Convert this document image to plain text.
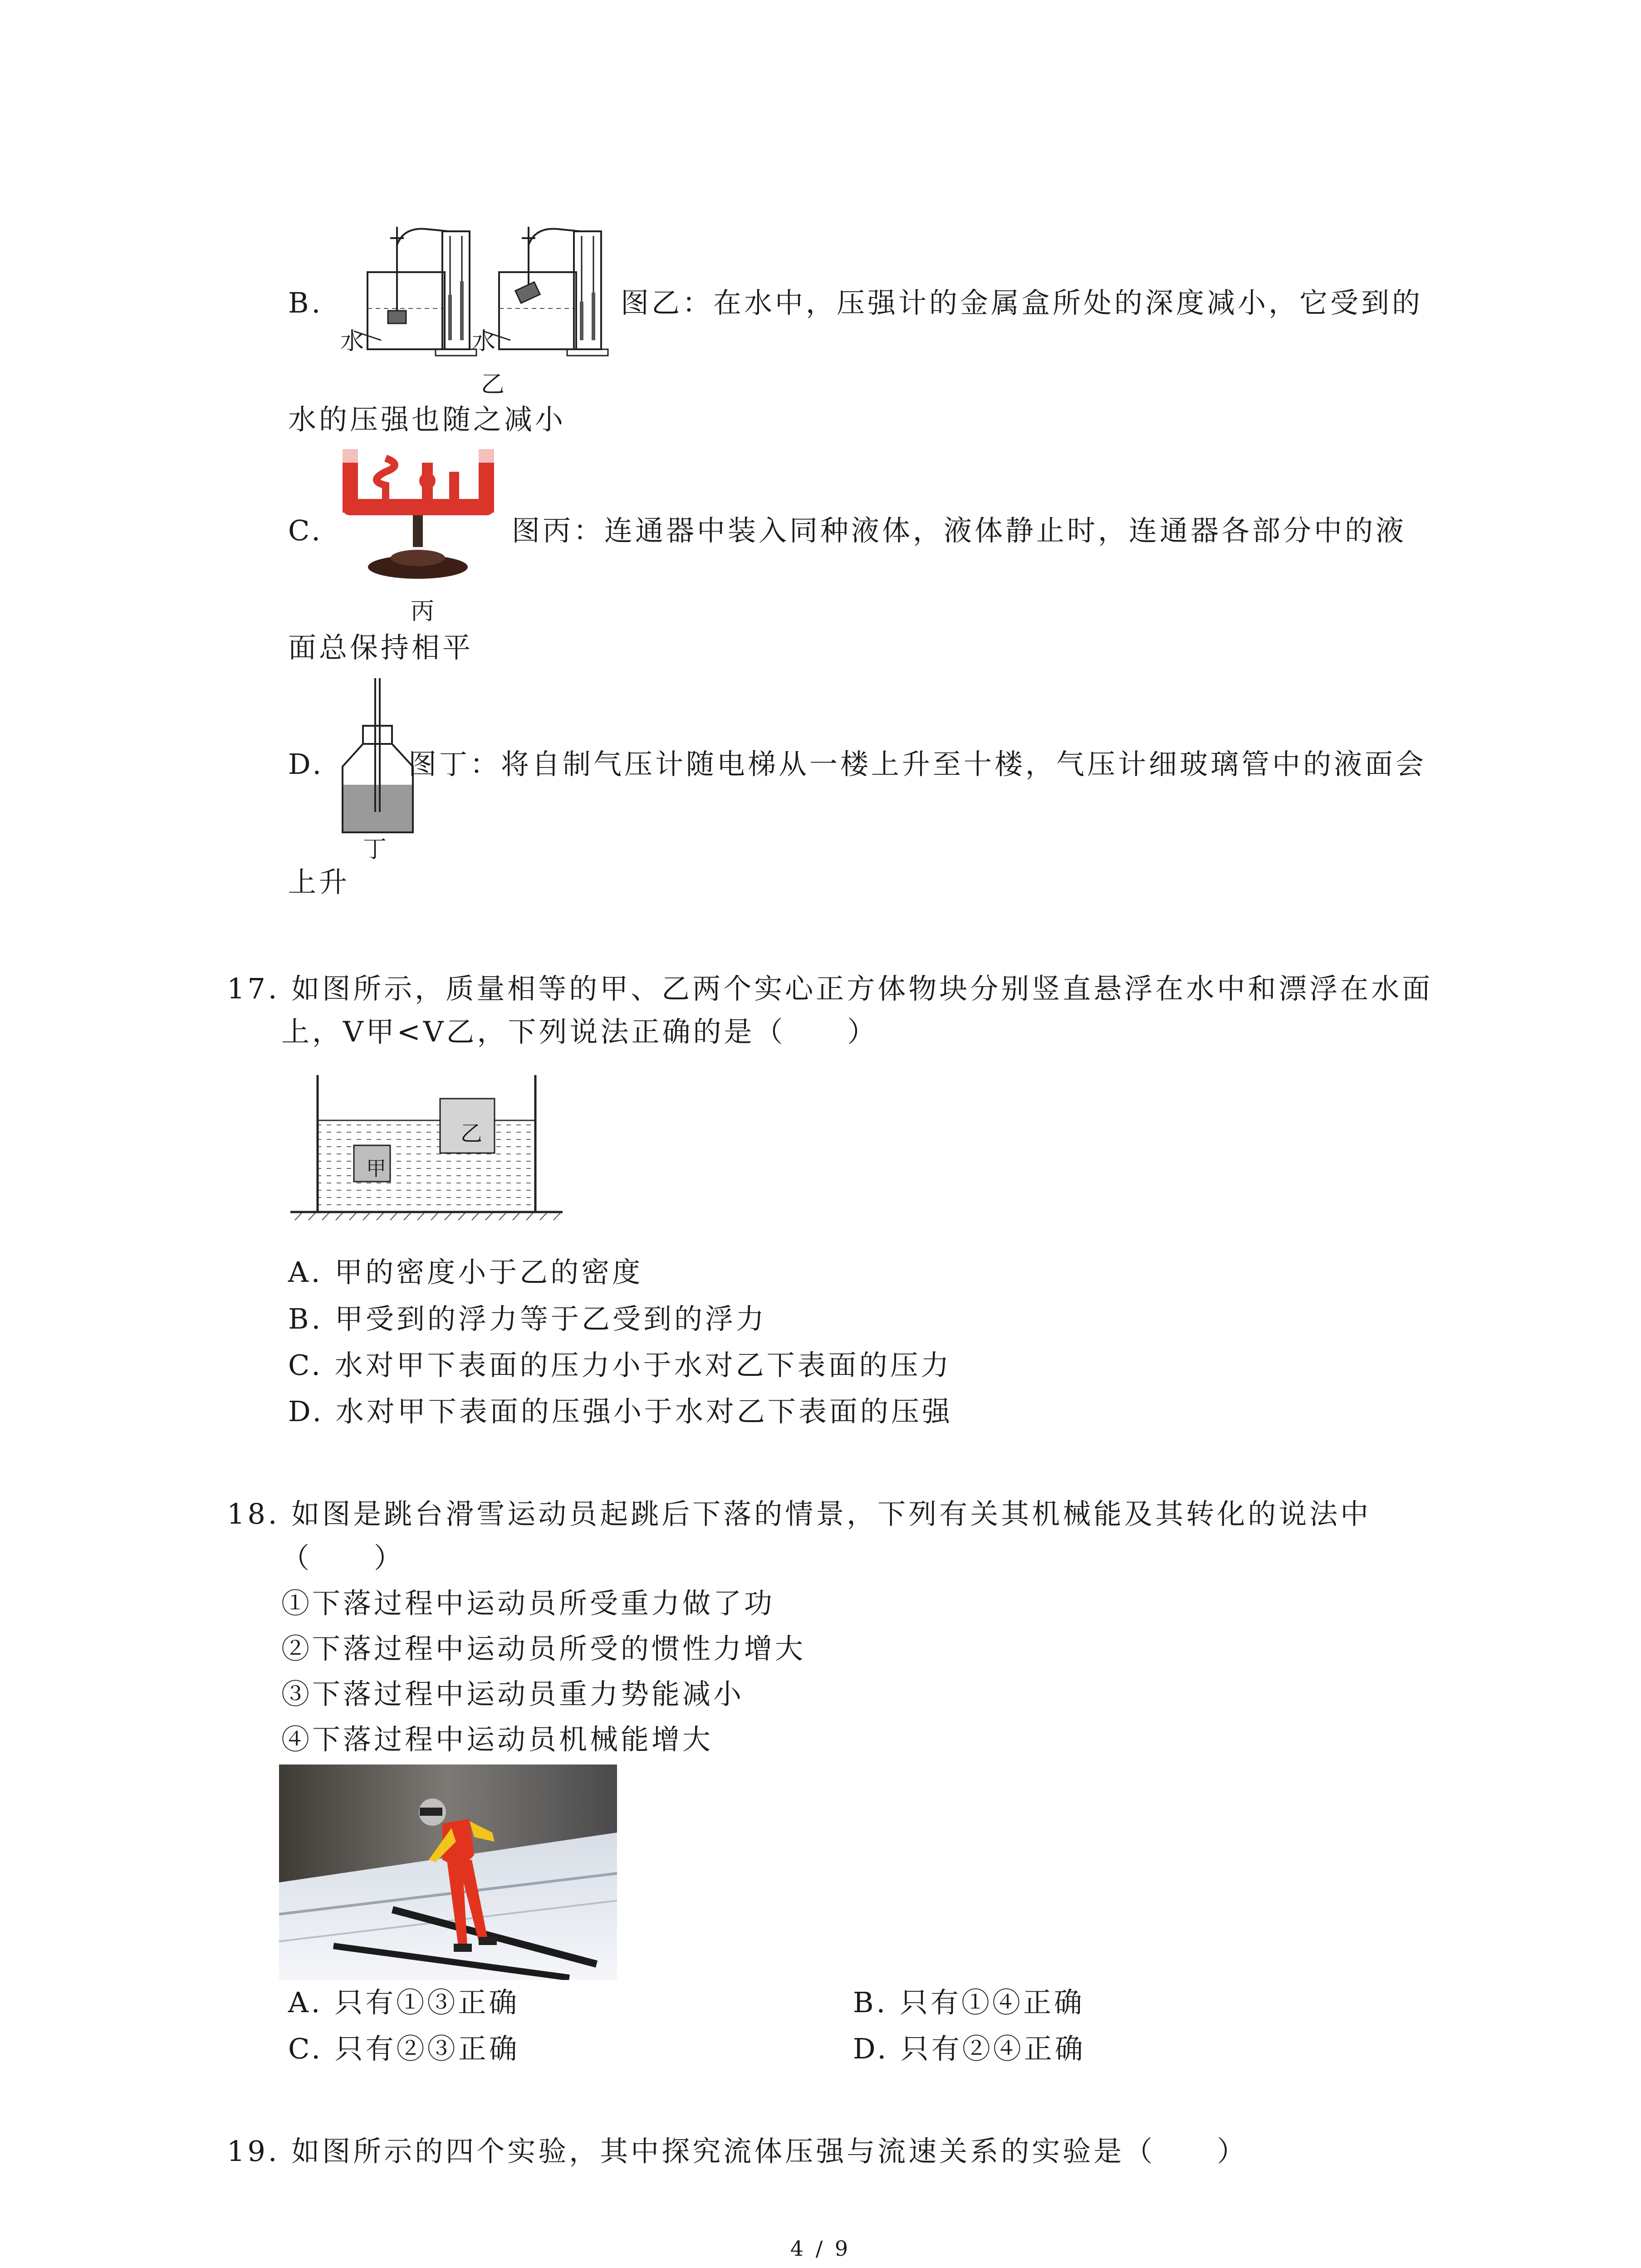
B.
水	水
乙
图乙：在水中，压强计的金属盒所处的深度减小，它受到的
水的压强也随之减小
C.
丙
图丙：连通器中装入同种液体，液体静止时，连通器各部分中的液
面总保持相平
D.
丁
图丁：将自制气压计随电梯从一楼上升至十楼，气压计细玻璃管中的液面会
上升
17. 如图所示，质量相等的甲、乙两个实心正方体物块分别竖直悬浮在水中和漂浮在水面
上，V甲<V乙，下列说法正确的是（　　）
甲
乙
A. 甲的密度小于乙的密度
B. 甲受到的浮力等于乙受到的浮力
C. 水对甲下表面的压力小于水对乙下表面的压力
D. 水对甲下表面的压强小于水对乙下表面的压强
18. 如图是跳台滑雪运动员起跳后下落的情景，下列有关其机械能及其转化的说法中
（　　）
①下落过程中运动员所受重力做了功
②下落过程中运动员所受的惯性力增大
③下落过程中运动员重力势能减小
④下落过程中运动员机械能增大
A. 只有①③正确	B. 只有①④正确
C. 只有②③正确	D. 只有②④正确
19. 如图所示的四个实验，其中探究流体压强与流速关系的实验是（　　）
4 / 9
